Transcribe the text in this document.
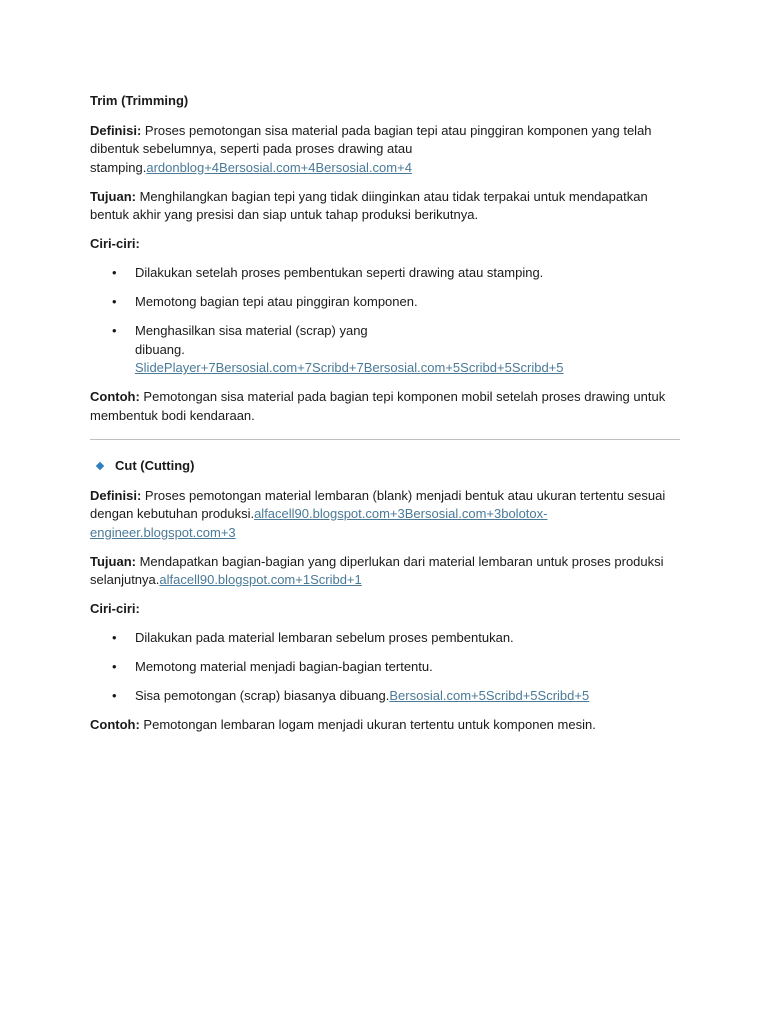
Trim (Trimming)

Definisi: Proses pemotongan sisa material pada bagian tepi atau pinggiran komponen yang telah dibentuk sebelumnya, seperti pada proses drawing atau stamping.ardonblog+4Bersosial.com+4Bersosial.com+4

Tujuan: Menghilangkan bagian tepi yang tidak diinginkan atau tidak terpakai untuk mendapatkan bentuk akhir yang presisi dan siap untuk tahap produksi berikutnya.

Ciri-ciri:

• Dilakukan setelah proses pembentukan seperti drawing atau stamping.
• Memotong bagian tepi atau pinggiran komponen.
• Menghasilkan sisa material (scrap) yang dibuang.SlidePlayer+7Bersosial.com+7Scribd+7Bersosial.com+5Scribd+5Scribd+5

Contoh: Pemotongan sisa material pada bagian tepi komponen mobil setelah proses drawing untuk membentuk bodi kendaraan.

Cut (Cutting)

Definisi: Proses pemotongan material lembaran (blank) menjadi bentuk atau ukuran tertentu sesuai dengan kebutuhan produksi.alfacell90.blogspot.com+3Bersosial.com+3bolotox-engineer.blogspot.com+3

Tujuan: Mendapatkan bagian-bagian yang diperlukan dari material lembaran untuk proses produksi selanjutnya.alfacell90.blogspot.com+1Scribd+1

Ciri-ciri:

• Dilakukan pada material lembaran sebelum proses pembentukan.
• Memotong material menjadi bagian-bagian tertentu.
• Sisa pemotongan (scrap) biasanya dibuang.Bersosial.com+5Scribd+5Scribd+5

Contoh: Pemotongan lembaran logam menjadi ukuran tertentu untuk komponen mesin.
